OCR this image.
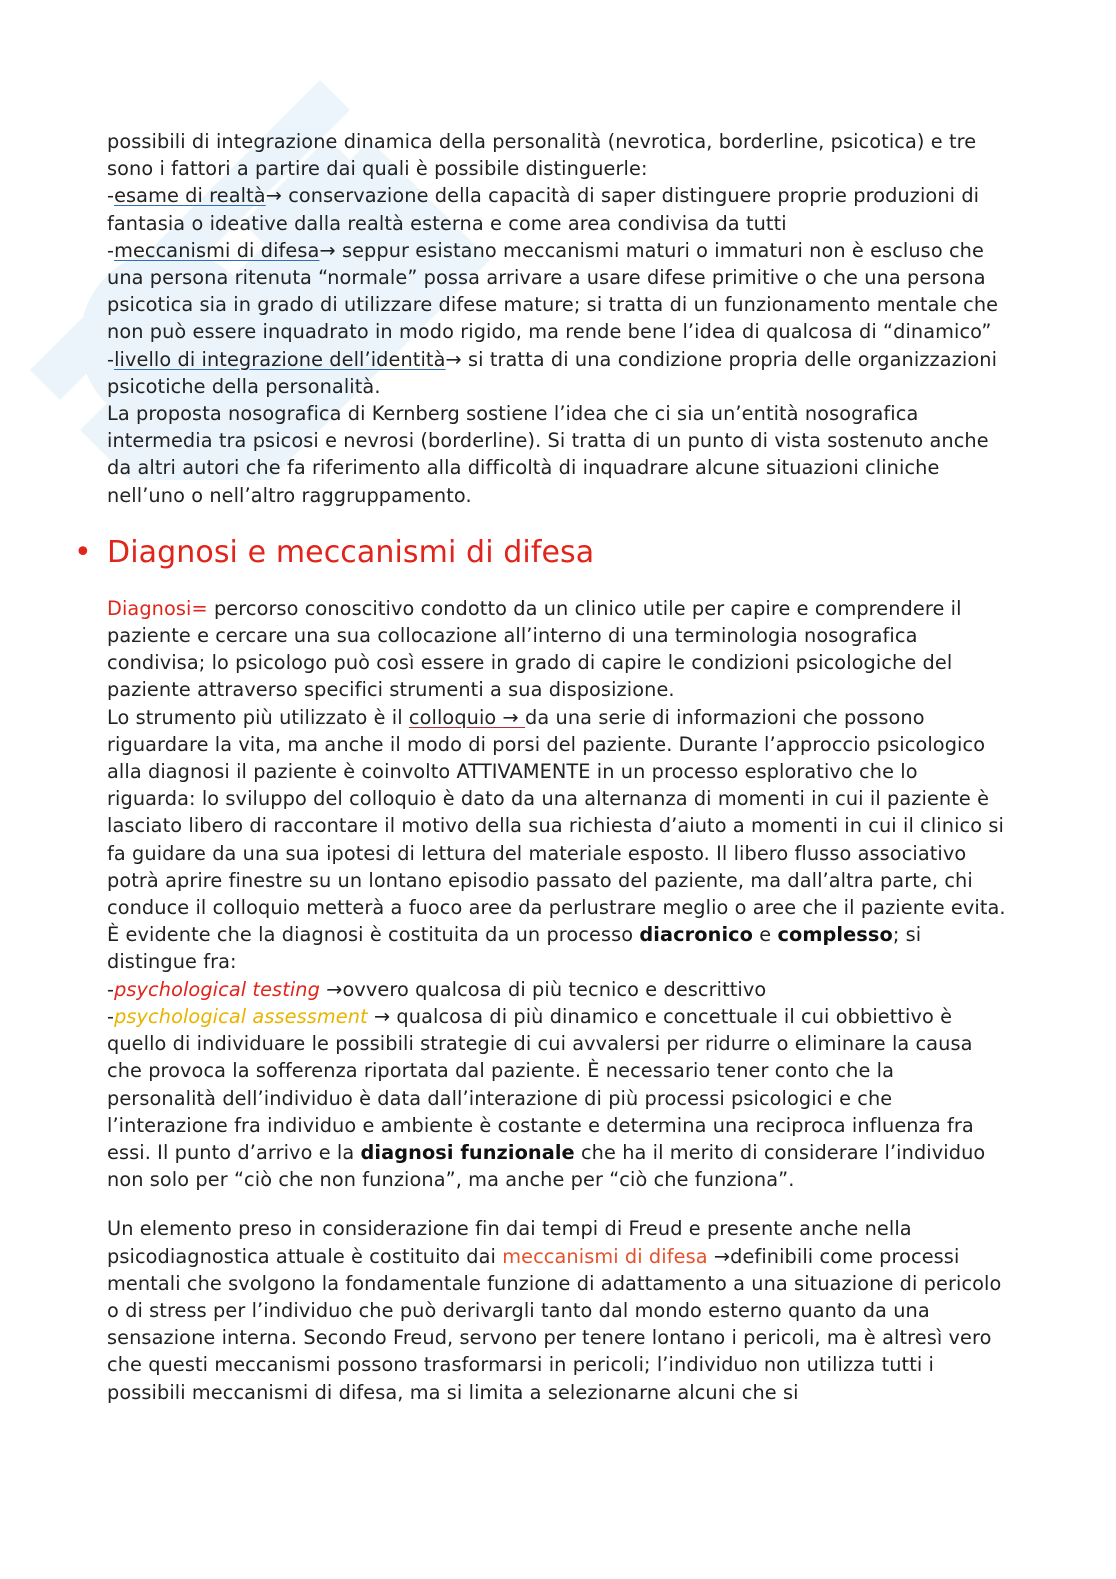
possibili di integrazione dinamica della personalità (nevrotica, borderline, psicotica) e tre sono i fattori a partire dai quali è possibile distinguerle:
-esame di realtà→ conservazione della capacità di saper distinguere proprie produzioni di fantasia o ideative dalla realtà esterna e come area condivisa da tutti
-meccanismi di difesa→ seppur esistano meccanismi maturi o immaturi non è escluso che una persona ritenuta “normale” possa arrivare a usare difese primitive o che una persona psicotica sia in grado di utilizzare difese mature; si tratta di un funzionamento mentale che non può essere inquadrato in modo rigido, ma rende bene l’idea di qualcosa di “dinamico”
-livello di integrazione dell’identità→ si tratta di una condizione propria delle organizzazioni psicotiche della personalità.

La proposta nosografica di Kernberg sostiene l’idea che ci sia un’entità nosografica intermedia tra psicosi e nevrosi (borderline). Si tratta di un punto di vista sostenuto anche da altri autori che fa riferimento alla difficoltà di inquadrare alcune situazioni cliniche nell’uno o nell’altro raggruppamento.

• Diagnosi e meccanismi di difesa

Diagnosi= percorso conoscitivo condotto da un clinico utile per capire e comprendere il paziente e cercare una sua collocazione all’interno di una terminologia nosografica condivisa; lo psicologo può così essere in grado di capire le condizioni psicologiche del paziente attraverso specifici strumenti a sua disposizione.

Lo strumento più utilizzato è il colloquio → da una serie di informazioni che possono riguardare la vita, ma anche il modo di porsi del paziente. Durante l’approccio psicologico alla diagnosi il paziente è coinvolto ATTIVAMENTE in un processo esplorativo che lo riguarda: lo sviluppo del colloquio è dato da una alternanza di momenti in cui il paziente è lasciato libero di raccontare il motivo della sua richiesta d’aiuto a momenti in cui il clinico si fa guidare da una sua ipotesi di lettura del materiale esposto. Il libero flusso associativo potrà aprire finestre su un lontano episodio passato del paziente, ma dall’altra parte, chi conduce il colloquio metterà a fuoco aree da perlustrare meglio o aree che il paziente evita.

È evidente che la diagnosi è costituita da un processo diacronico e complesso; si distingue fra:
-psychological testing →ovvero qualcosa di più tecnico e descrittivo
-psychological assessment → qualcosa di più dinamico e concettuale il cui obbiettivo è quello di individuare le possibili strategie di cui avvalersi per ridurre o eliminare la causa che provoca la sofferenza riportata dal paziente. È necessario tener conto che la personalità dell’individuo è data dall’interazione di più processi psicologici e che l’interazione fra individuo e ambiente è costante e determina una reciproca influenza fra essi. Il punto d’arrivo e la diagnosi funzionale che ha il merito di considerare l’individuo non solo per “ciò che non funziona”, ma anche per “ciò che funziona”.

Un elemento preso in considerazione fin dai tempi di Freud e presente anche nella psicodiagnostica attuale è costituito dai meccanismi di difesa →definibili come processi mentali che svolgono la fondamentale funzione di adattamento a una situazione di pericolo o di stress per l’individuo che può derivargli tanto dal mondo esterno quanto da una sensazione interna. Secondo Freud, servono per tenere lontano i pericoli, ma è altresì vero che questi meccanismi possono trasformarsi in pericoli; l’individuo non utilizza tutti i possibili meccanismi di difesa, ma si limita a selezionarne alcuni che si
